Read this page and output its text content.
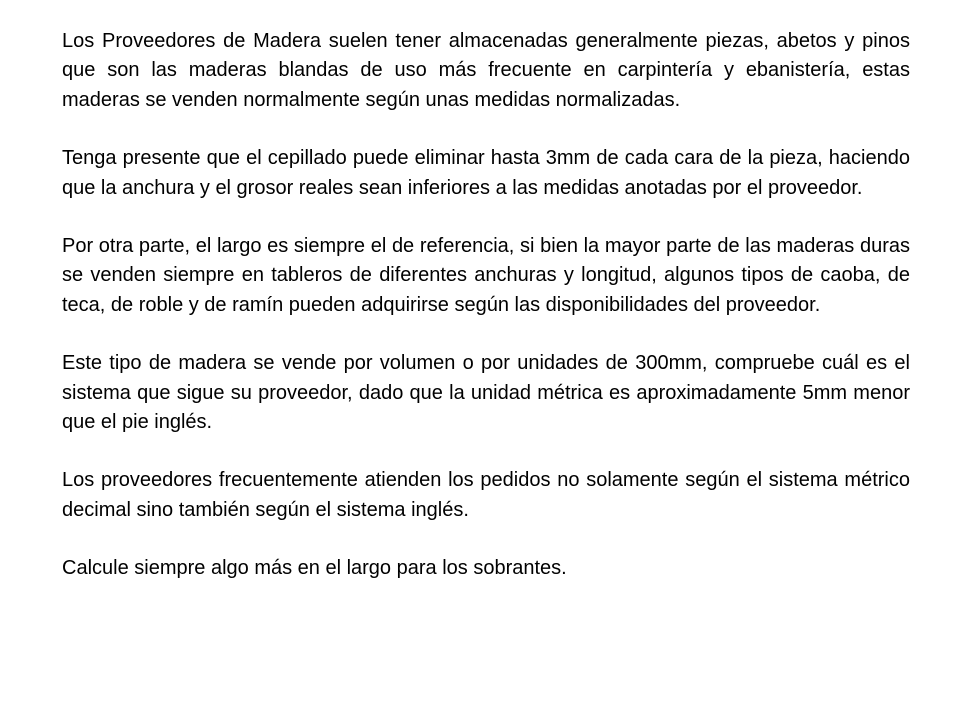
Los Proveedores de Madera suelen tener almacenadas generalmente piezas, abetos y pinos que son las maderas blandas de uso más frecuente en carpintería y ebanistería, estas maderas se venden normalmente según unas medidas normalizadas.

Tenga presente que el cepillado puede eliminar hasta 3mm de cada cara de la pieza, haciendo que la anchura y el grosor reales sean inferiores a las medidas anotadas por el proveedor.

Por otra parte, el largo es siempre el de referencia, si bien la mayor parte de las maderas duras se venden siempre en tableros de diferentes anchuras y longitud, algunos tipos de caoba, de teca, de roble y de ramín pueden adquirirse según las disponibilidades del proveedor.

Este tipo de madera se vende por volumen o por unidades de 300mm, compruebe cuál es el sistema que sigue su proveedor, dado que la unidad métrica es aproximadamente 5mm menor que el pie inglés.

Los proveedores frecuentemente atienden los pedidos no solamente según el sistema métrico decimal sino también según el sistema inglés.

Calcule siempre algo más en el largo para los sobrantes.
